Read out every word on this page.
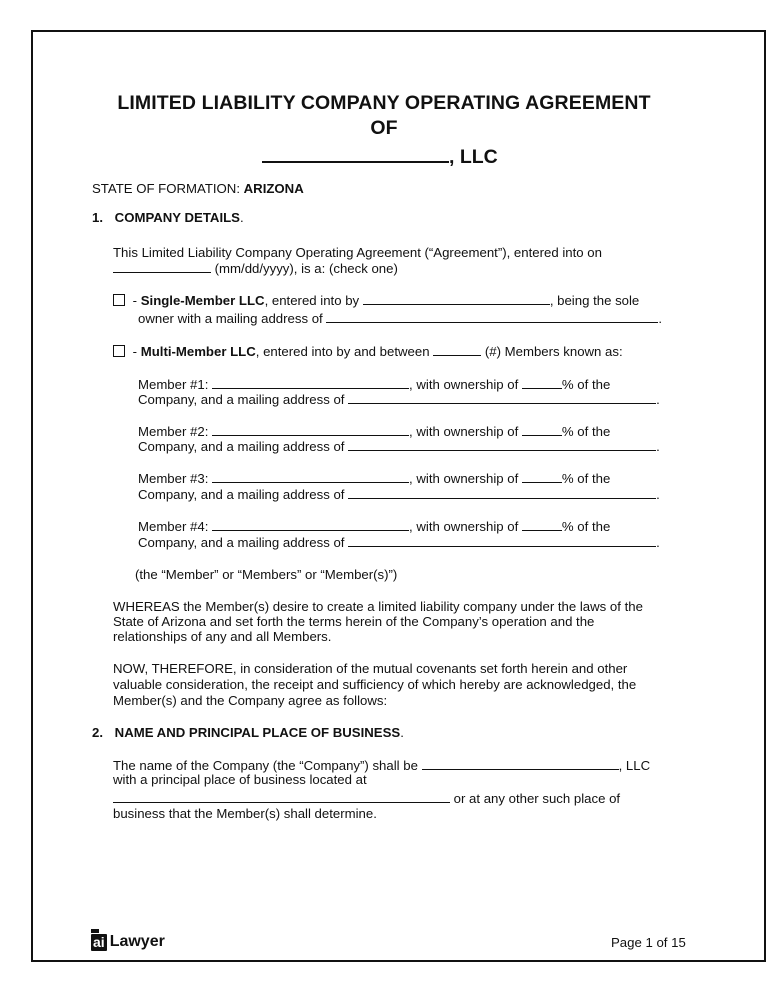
LIMITED LIABILITY COMPANY OPERATING AGREEMENT
OF
, LLC
STATE OF FORMATION: ARIZONA
1. COMPANY DETAILS.
This Limited Liability Company Operating Agreement (“Agreement”), entered into on
(mm/dd/yyyy), is a: (check one)
- Single-Member LLC, entered into by	, being the sole
owner with a mailing address of	.
- Multi-Member LLC, entered into by and between	(#) Members known as:
Member #1:	, with ownership of	% of the
Company, and a mailing address of	.
Member #2:	, with ownership of	% of the
Company, and a mailing address of	.
Member #3:	, with ownership of	% of the
Company, and a mailing address of	.
Member #4:	, with ownership of	% of the
Company, and a mailing address of	.
(the “Member” or “Members” or “Member(s)”)
WHEREAS the Member(s) desire to create a limited liability company under the laws of the
State of Arizona and set forth the terms herein of the Company’s operation and the
relationships of any and all Members.
NOW, THEREFORE, in consideration of the mutual covenants set forth herein and other
valuable consideration, the receipt and sufficiency of which hereby are acknowledged, the
Member(s) and the Company agree as follows:
2. NAME AND PRINCIPAL PLACE OF BUSINESS.
The name of the Company (the “Company”) shall be	, LLC
with a principal place of business located at
or at any other such place of
business that the Member(s) shall determine.
ai Lawyer	Page 1 of 15
